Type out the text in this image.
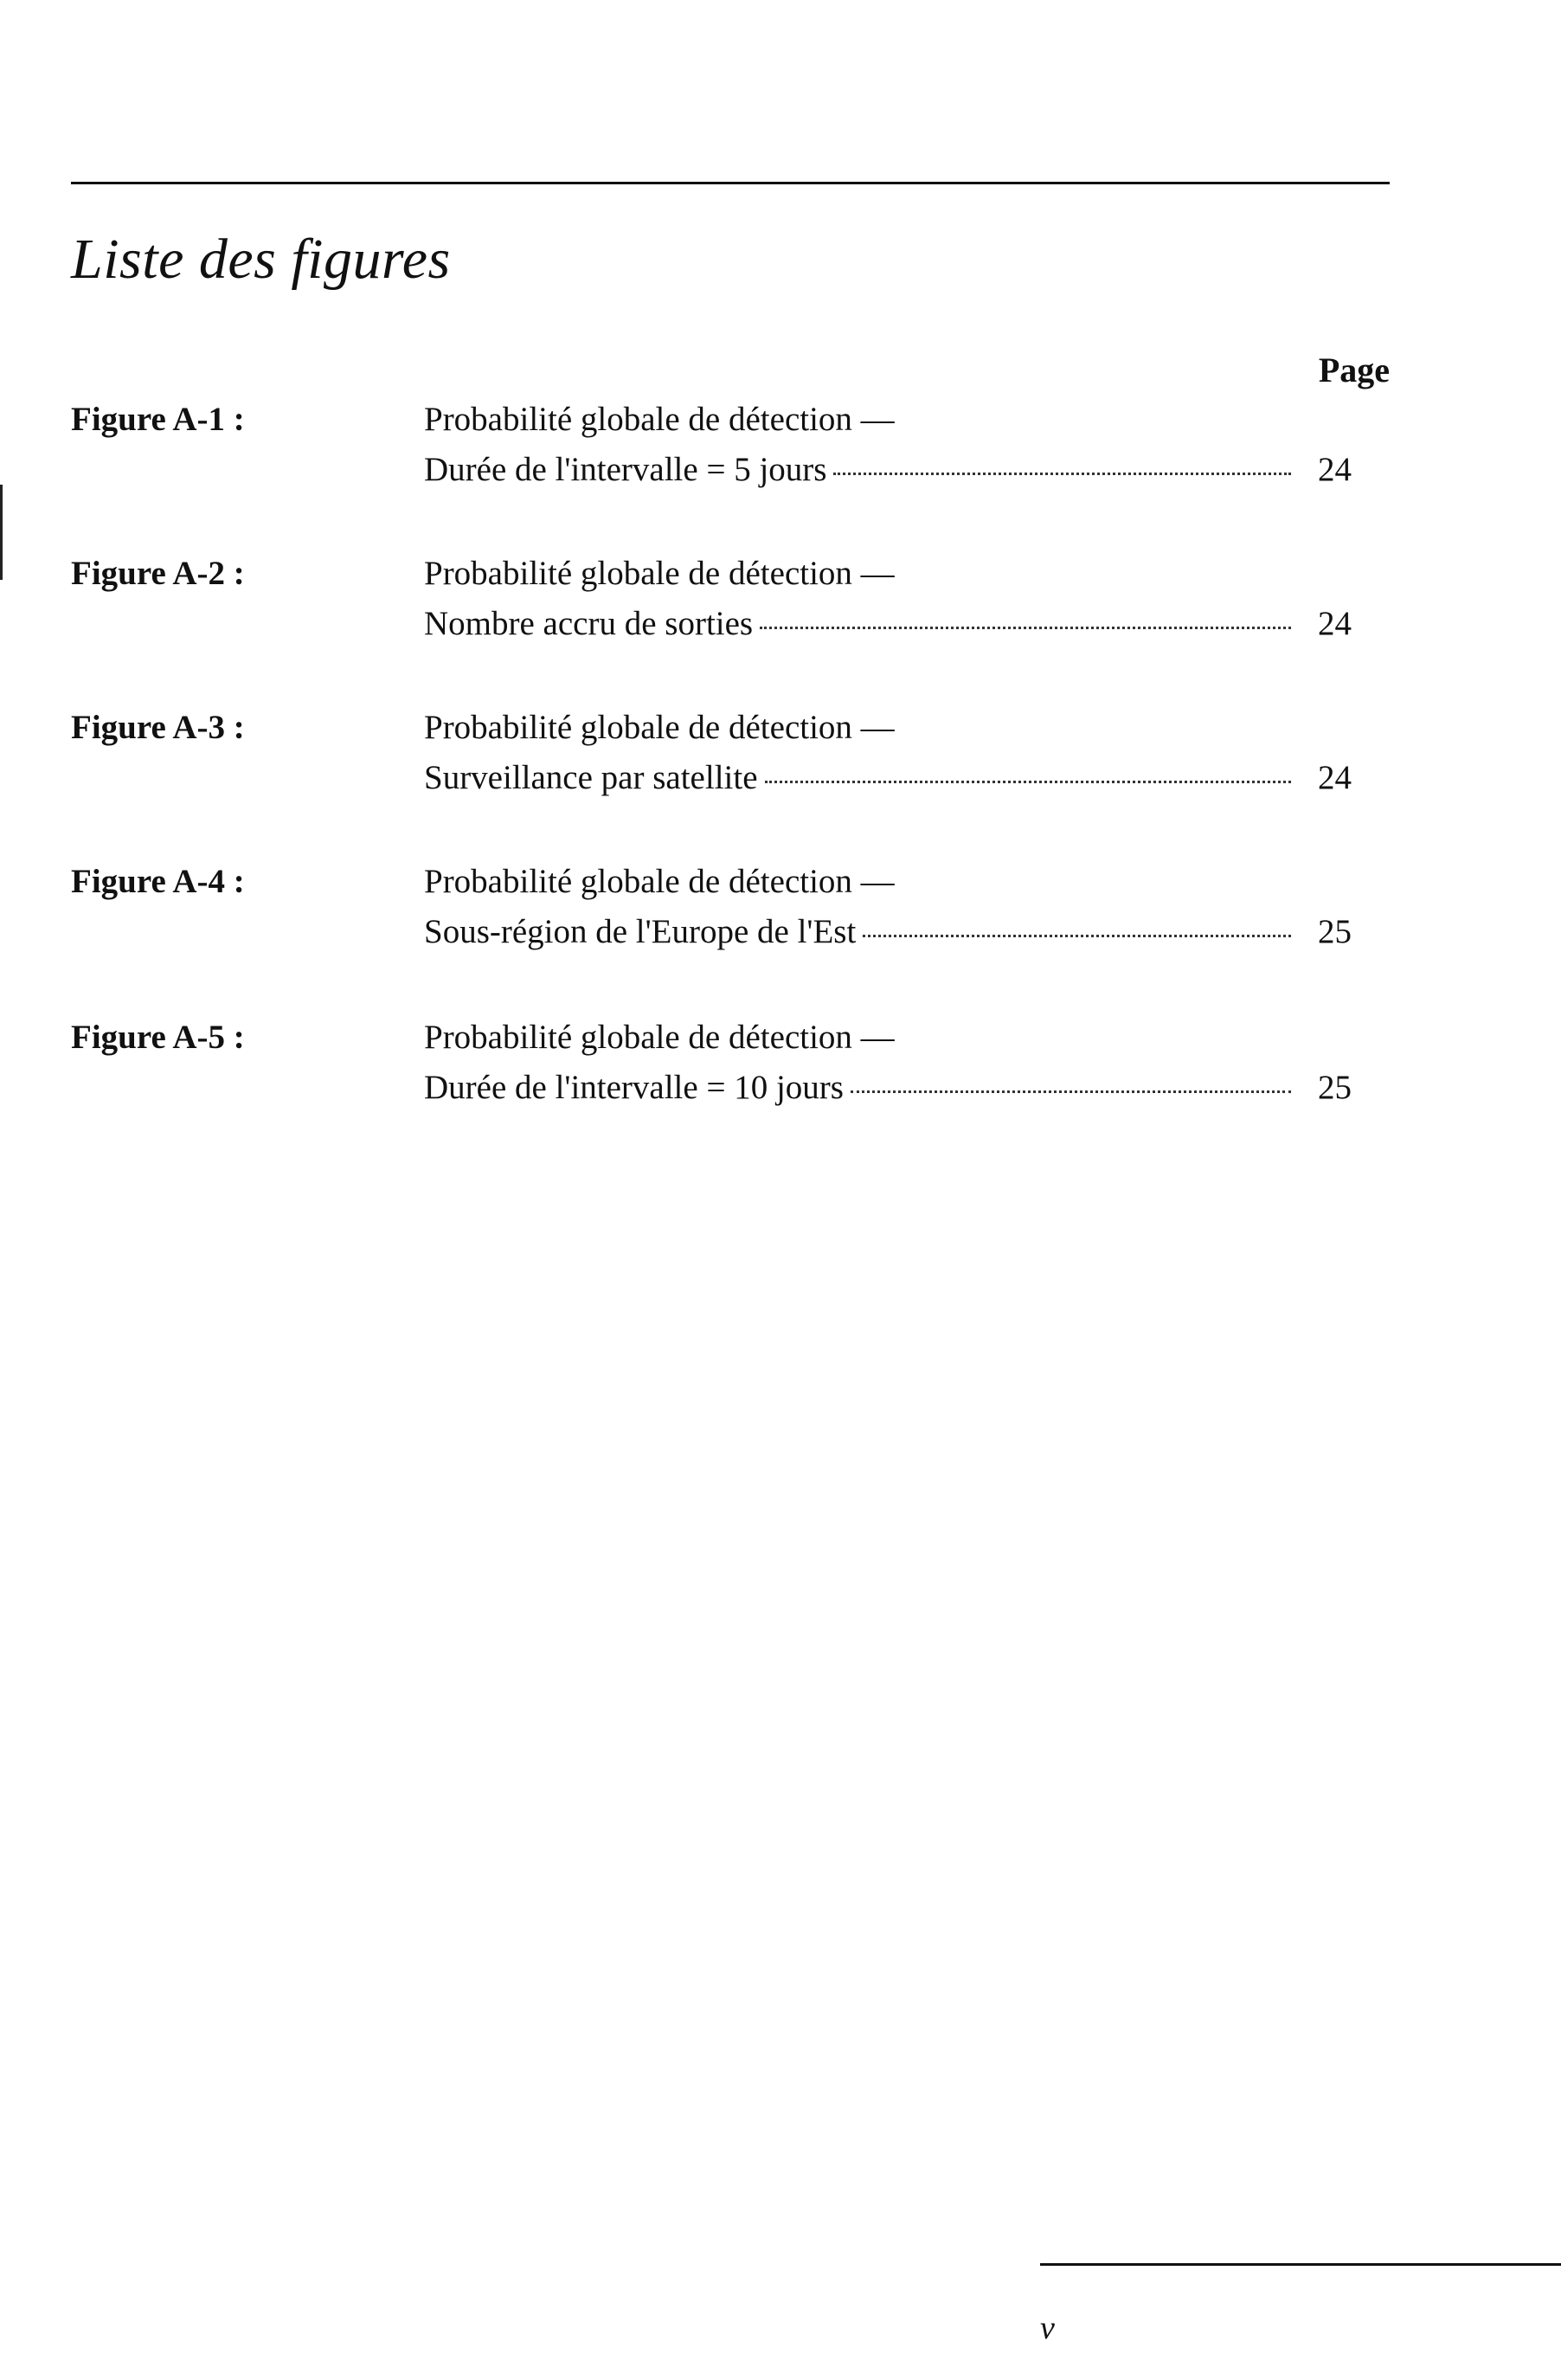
Liste des figures
Page
Figure A-1 :	Probabilité globale de détection —
Durée de l'intervalle = 5 jours	24
Figure A-2 :	Probabilité globale de détection —
Nombre accru de sorties	24
Figure A-3 :	Probabilité globale de détection —
Surveillance par satellite	24
Figure A-4 :	Probabilité globale de détection —
Sous-région de l'Europe de l'Est	25
Figure A-5 :	Probabilité globale de détection —
Durée de l'intervalle = 10 jours	25
v
